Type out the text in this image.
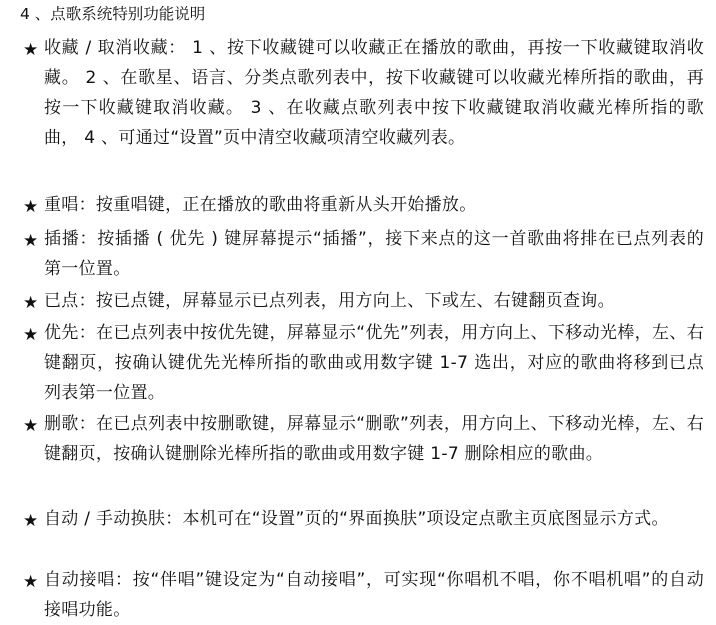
4 、点歌系统特别功能说明
★ 收藏 / 取消收藏： 1 、按下收藏键可以收藏正在播放的歌曲，再按一下收藏键取消收藏。 2 、在歌星、语言、分类点歌列表中，按下收藏键可以收藏光棒所指的歌曲，再按一下收藏键取消收藏。 3 、在收藏点歌列表中按下收藏键取消收藏光棒所指的歌曲， 4 、可通过“设置”页中清空收藏项清空收藏列表。
★ 重唱：按重唱键，正在播放的歌曲将重新从头开始播放。
★ 插播：按插播 ( 优先 ) 键屏幕提示“插播”，接下来点的这一首歌曲将排在已点列表的第一位置。
★ 已点：按已点键，屏幕显示已点列表，用方向上、下或左、右键翻页查询。
★ 优先：在已点列表中按优先键，屏幕显示“优先”列表，用方向上、下移动光棒，左、右键翻页，按确认键优先光棒所指的歌曲或用数字键 1-7 选出，对应的歌曲将移到已点列表第一位置。
★ 删歌：在已点列表中按删歌键，屏幕显示“删歌”列表，用方向上、下移动光棒，左、右键翻页，按确认键删除光棒所指的歌曲或用数字键 1-7 删除相应的歌曲。
★ 自动 / 手动换肤：本机可在“设置”页的“界面换肤”项设定点歌主页底图显示方式。
★ 自动接唱：按“伴唱”键设定为“自动接唱”，可实现“你唱机不唱，你不唱机唱”的自动接唱功能。
